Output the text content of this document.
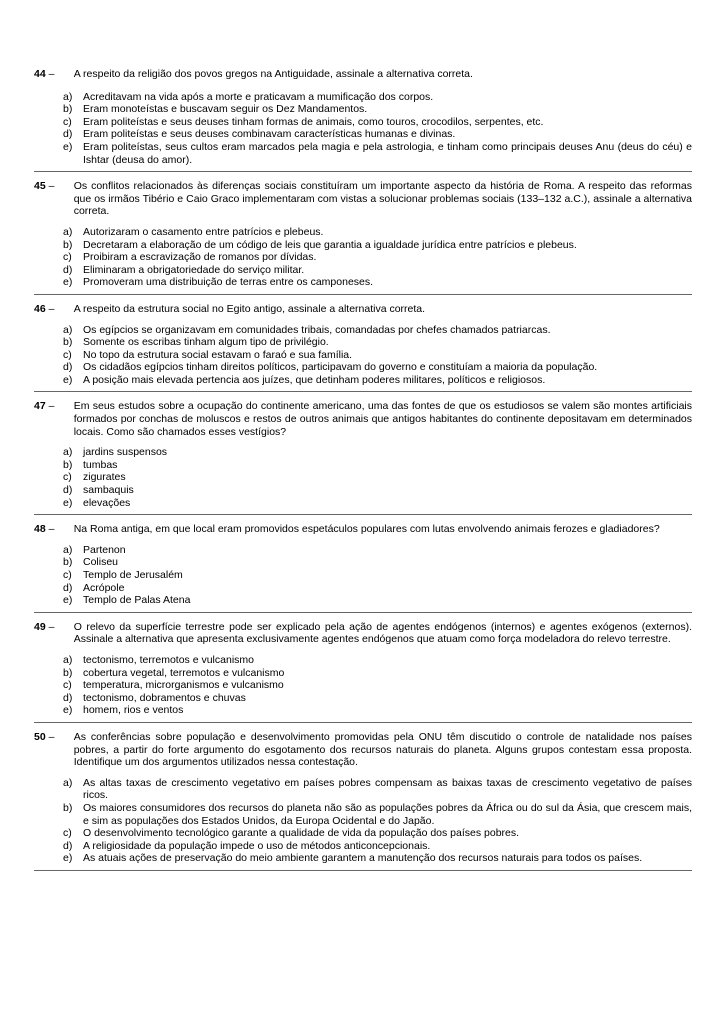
44 –	A respeito da religião dos povos gregos na Antiguidade, assinale a alternativa correta.
a)	Acreditavam na vida após a morte e praticavam a mumificação dos corpos.
b)	Eram monoteístas e buscavam seguir os Dez Mandamentos.
c)	Eram politeístas e seus deuses tinham formas de animais, como touros, crocodilos, serpentes, etc.
d)	Eram politeístas e seus deuses combinavam características humanas e divinas.
e)	Eram politeístas, seus cultos eram marcados pela magia e pela astrologia, e tinham como principais deuses Anu (deus do céu) e Ishtar (deusa do amor).
45 –	Os conflitos relacionados às diferenças sociais constituíram um importante aspecto da história de Roma. A respeito das reformas que os irmãos Tibério e Caio Graco implementaram com vistas a solucionar problemas sociais (133–132 a.C.), assinale a alternativa correta.
a)	Autorizaram o casamento entre patrícios e plebeus.
b)	Decretaram a elaboração de um código de leis que garantia a igualdade jurídica entre patrícios e plebeus.
c)	Proibiram a escravização de romanos por dívidas.
d)	Eliminaram a obrigatoriedade do serviço militar.
e)	Promoveram uma distribuição de terras entre os camponeses.
46 –	A respeito da estrutura social no Egito antigo, assinale a alternativa correta.
a)	Os egípcios se organizavam em comunidades tribais, comandadas por chefes chamados patriarcas.
b)	Somente os escribas tinham algum tipo de privilégio.
c)	No topo da estrutura social estavam o faraó e sua família.
d)	Os cidadãos egípcios tinham direitos políticos, participavam do governo e constituíam a maioria da população.
e)	A posição mais elevada pertencia aos juízes, que detinham poderes militares, políticos e religiosos.
47 –	Em seus estudos sobre a ocupação do continente americano, uma das fontes de que os estudiosos se valem são montes artificiais formados por conchas de moluscos e restos de outros animais que antigos habitantes do continente depositavam em determinados locais. Como são chamados esses vestígios?
a)	jardins suspensos
b)	tumbas
c)	zigurates
d)	sambaquis
e)	elevações
48 –	Na Roma antiga, em que local eram promovidos espetáculos populares com lutas envolvendo animais ferozes e gladiadores?
a)	Partenon
b)	Coliseu
c)	Templo de Jerusalém
d)	Acrópole
e)	Templo de Palas Atena
49 –	O relevo da superfície terrestre pode ser explicado pela ação de agentes endógenos (internos) e agentes exógenos (externos). Assinale a alternativa que apresenta exclusivamente agentes endógenos que atuam como força modeladora do relevo terrestre.
a)	tectonismo, terremotos e vulcanismo
b)	cobertura vegetal, terremotos e vulcanismo
c)	temperatura, microrganismos e vulcanismo
d)	tectonismo, dobramentos e chuvas
e)	homem, rios e ventos
50 –	As conferências sobre população e desenvolvimento promovidas pela ONU têm discutido o controle de natalidade nos países pobres, a partir do forte argumento do esgotamento dos recursos naturais do planeta. Alguns grupos contestam essa proposta. Identifique um dos argumentos utilizados nessa contestação.
a)	As altas taxas de crescimento vegetativo em países pobres compensam as baixas taxas de crescimento vegetativo de países ricos.
b)	Os maiores consumidores dos recursos do planeta não são as populações pobres da África ou do sul da Ásia, que crescem mais, e sim as populações dos Estados Unidos, da Europa Ocidental e do Japão.
c)	O desenvolvimento tecnológico garante a qualidade de vida da população dos países pobres.
d)	A religiosidade da população impede o uso de métodos anticoncepcionais.
e)	As atuais ações de preservação do meio ambiente garantem a manutenção dos recursos naturais para todos os países.
